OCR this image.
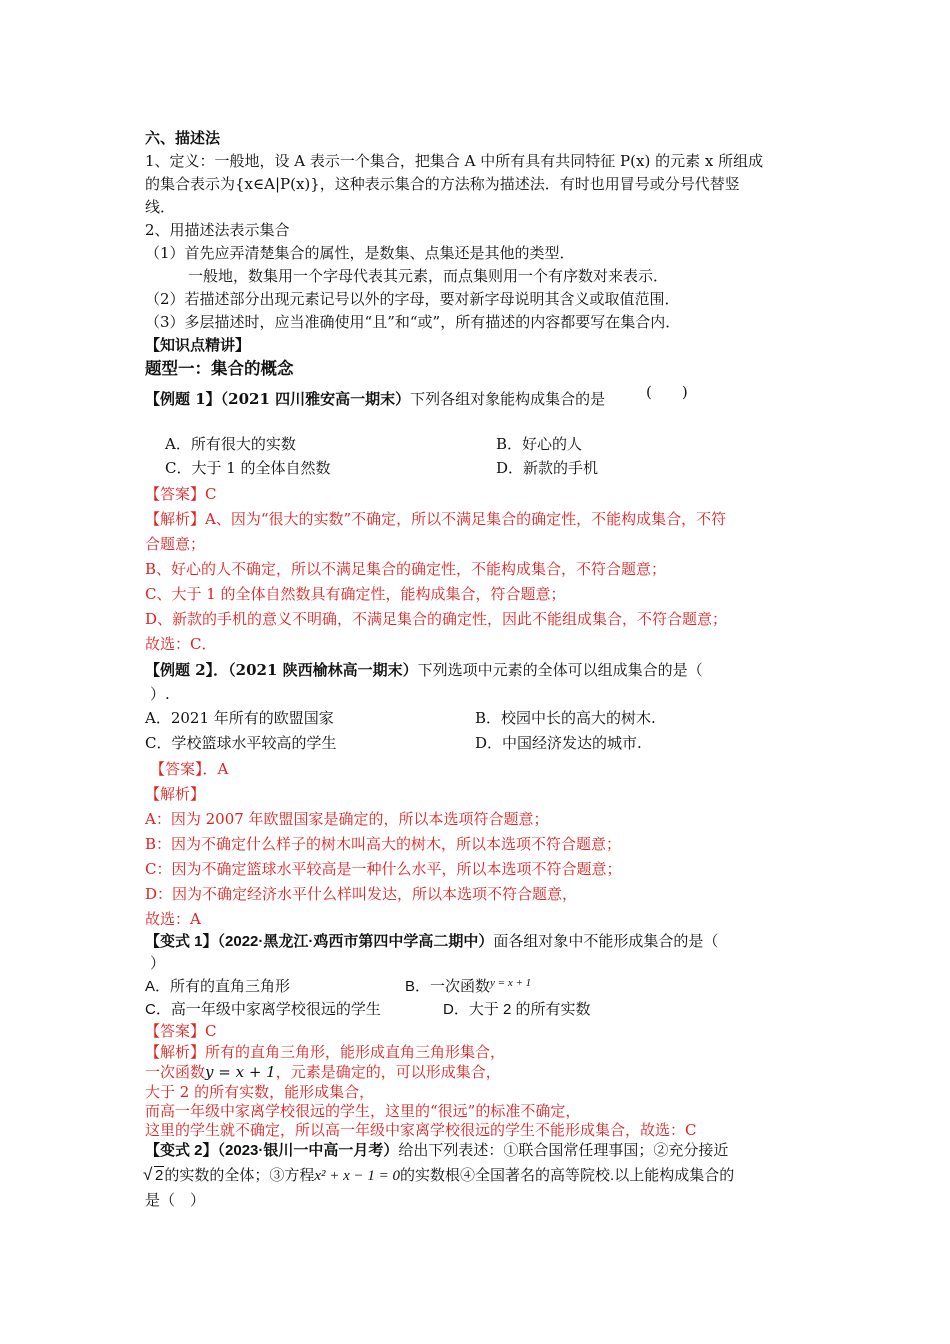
六、描述法
1、定义：一般地，设 A 表示一个集合，把集合 A 中所有具有共同特征 P(x) 的元素 x 所组成
的集合表示为{x∈A|P(x)}，这种表示集合的方法称为描述法．有时也用冒号或分号代替竖
线．
2、用描述法表示集合
（1）首先应弄清楚集合的属性，是数集、点集还是其他的类型．
一般地，数集用一个字母代表其元素，而点集则用一个有序数对来表示．
（2）若描述部分出现元素记号以外的字母，要对新字母说明其含义或取值范围．
（3）多层描述时，应当准确使用“且”和“或”，所有描述的内容都要写在集合内．
【知识点精讲】
题型一：集合的概念
【例题 1】（2021 四川雅安高一期末）下列各组对象能构成集合的是	(　　)
A．所有很大的实数	B．好心的人
C．大于 1 的全体自然数	D．新款的手机
【答案】C
【解析】A、因为“很大的实数”不确定，所以不满足集合的确定性，不能构成集合，不符
合题意；
B、好心的人不确定，所以不满足集合的确定性，不能构成集合，不符合题意；
C、大于 1 的全体自然数具有确定性，能构成集合，符合题意；
D、新款的手机的意义不明确，不满足集合的确定性，因此不能组成集合，不符合题意；
故选：C．
【例题 2】．（2021 陕西榆林高一期末）下列选项中元素的全体可以组成集合的是（
）.
A．2021 年所有的欧盟国家	B．校园中长的高大的树木.
C．学校篮球水平较高的学生	D．中国经济发达的城市.
【答案】．A
【解析】
A：因为 2007 年欧盟国家是确定的，所以本选项符合题意；
B：因为不确定什么样子的树木叫高大的树木，所以本选项不符合题意；
C：因为不确定篮球水平较高是一种什么水平，所以本选项不符合题意；
D：因为不确定经济水平什么样叫发达，所以本选项不符合题意，
故选：A
【变式 1】（2022·黑龙江·鸡西市第四中学高二期中）面各组对象中不能形成集合的是（
）
A．所有的直角三角形	B．一次函数$^{y = x + 1}$
C．高一年级中家离学校很远的学生	D．大于 2 的所有实数
【答案】C
【解析】所有的直角三角形，能形成直角三角形集合，
一次函数y = x + 1，元素是确定的，可以形成集合，
大于 2 的所有实数，能形成集合，
而高一年级中家离学校很远的学生，这里的“很远”的标准不确定，
这里的学生就不确定，所以高一年级中家离学校很远的学生不能形成集合，故选：C
【变式 2】（2023·银川一中高一月考）给出下列表述：①联合国常任理事国；②充分接近
√ 2的实数的全体；③方程x² + x − 1 = 0的实数根④全国著名的高等院校.以上能构成集合的
是（　）
